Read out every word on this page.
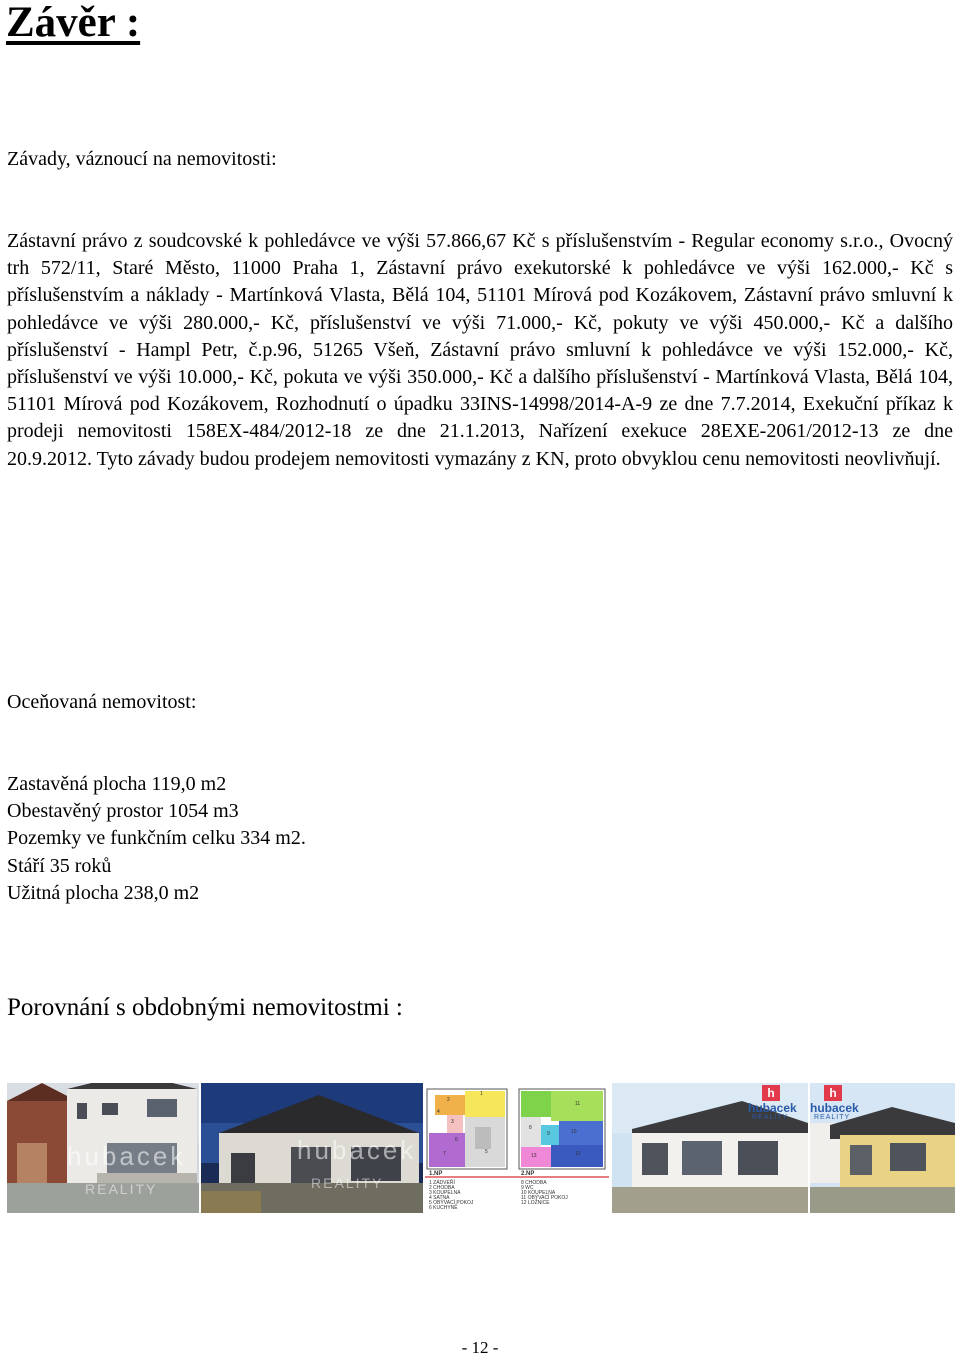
Závěr :
Závady, váznoucí na nemovitosti:
Zástavní právo z soudcovské k pohledávce ve výši 57.866,67 Kč s příslušenstvím - Regular economy s.r.o., Ovocný trh 572/11, Staré Město, 11000 Praha 1, Zástavní právo exekutorské k pohledávce ve výši 162.000,- Kč s příslušenstvím a náklady - Martínková Vlasta, Bělá 104, 51101 Mírová pod Kozákovem, Zástavní právo smluvní k pohledávce ve výši 280.000,- Kč, příslušenství ve výši 71.000,- Kč, pokuty ve výši 450.000,- Kč a dalšího příslušenství - Hampl Petr, č.p.96, 51265 Všeň, Zástavní právo smluvní k pohledávce ve výši 152.000,- Kč, příslušenství ve výši 10.000,- Kč, pokuta ve výši 350.000,- Kč a dalšího příslušenství - Martínková Vlasta, Bělá 104, 51101 Mírová pod Kozákovem, Rozhodnutí o úpadku 33INS-14998/2014-A-9 ze dne 7.7.2014, Exekuční příkaz k prodeji nemovitosti 158EX-484/2012-18 ze dne 21.1.2013, Nařízení exekuce 28EXE-2061/2012-13 ze dne 20.9.2012. Tyto závady budou prodejem nemovitosti vymazány z KN, proto obvyklou cenu nemovitosti neovlivňují.
Oceňovaná nemovitost:
Zastavěná plocha 119,0 m2
Obestavěný prostor 1054 m3
Pozemky ve funkčním celku 334 m2.
Stáří 35 roků
Užitná plocha 238,0 m2
Porovnání s obdobnými nemovitostmi :
hubacek
REALITY
hubacek
REALITY
1.NP	2.NP
1 ZÁDVEŘÍ
2 CHODBA
3 KOUPELNA
4 SATNA
5 OBÝVACÍ POKOJ
6 KUCHYNĚ
8 CHODBA
9 WC
10 KOUPELNA
11 OBÝVACÍ POKOJ
12 LOŽNICE
1
2
3
4
5
6
7
8
9	10
11
12
13
h
hubacek
REALITY
h
hubacek
REALITY
- 12 -
